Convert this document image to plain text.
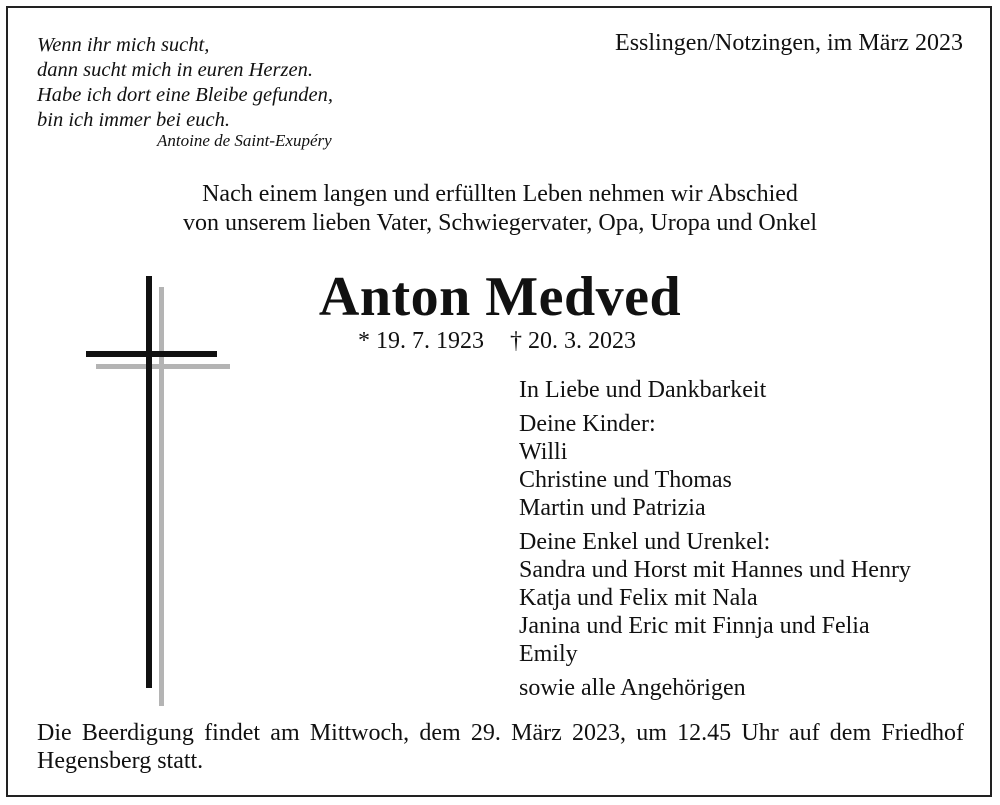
Wenn ihr mich sucht,
dann sucht mich in euren Herzen.
Habe ich dort eine Bleibe gefunden,
bin ich immer bei euch.
Antoine de Saint-Exupéry
Esslingen/Notzingen, im März 2023
Nach einem langen und erfüllten Leben nehmen wir Abschied
von unserem lieben Vater, Schwiegervater, Opa, Uropa und Onkel
Anton Medved
* 19. 7. 1923 † 20. 3. 2023
In Liebe und Dankbarkeit
Deine Kinder:
Willi
Christine und Thomas
Martin und Patrizia
Deine Enkel und Urenkel:
Sandra und Horst mit Hannes und Henry
Katja und Felix mit Nala
Janina und Eric mit Finnja und Felia
Emily
sowie alle Angehörigen
Die Beerdigung findet am Mittwoch, dem 29. März 2023, um 12.45 Uhr auf dem Friedhof Hegensberg statt.
